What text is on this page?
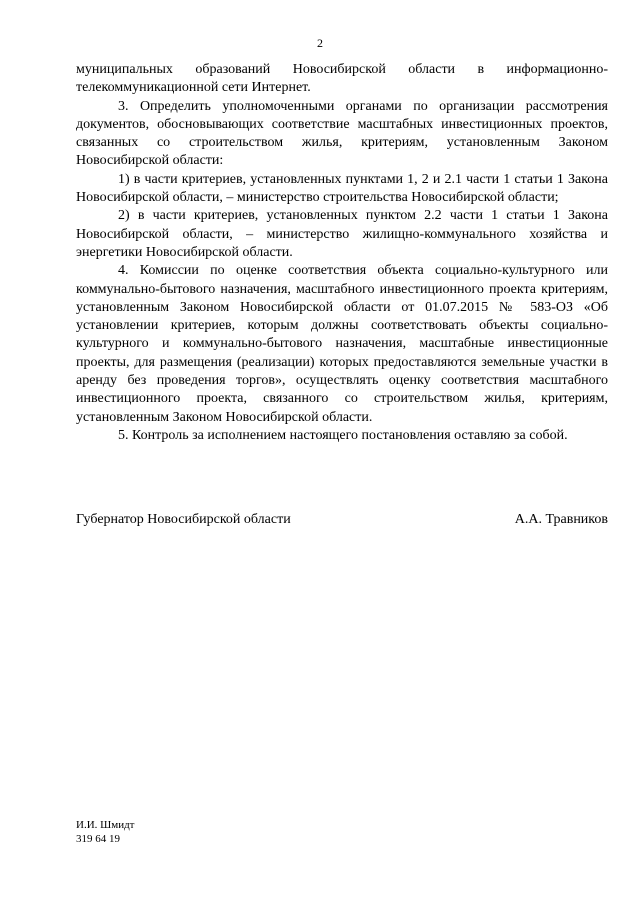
2

муниципальных образований Новосибирской области в информационно-телекоммуникационной сети Интернет.

3. Определить уполномоченными органами по организации рассмотрения документов, обосновывающих соответствие масштабных инвестиционных проектов, связанных со строительством жилья, критериям, установленным Законом Новосибирской области:

1) в части критериев, установленных пунктами 1, 2 и 2.1 части 1 статьи 1 Закона Новосибирской области, – министерство строительства Новосибирской области;

2) в части критериев, установленных пунктом 2.2 части 1 статьи 1 Закона Новосибирской области, – министерство жилищно-коммунального хозяйства и энергетики Новосибирской области.

4. Комиссии по оценке соответствия объекта социально-культурного или коммунально-бытового назначения, масштабного инвестиционного проекта критериям, установленным Законом Новосибирской области от 01.07.2015 № 583-ОЗ «Об установлении критериев, которым должны соответствовать объекты социально-культурного и коммунально-бытового назначения, масштабные инвестиционные проекты, для размещения (реализации) которых предоставляются земельные участки в аренду без проведения торгов», осуществлять оценку соответствия масштабного инвестиционного проекта, связанного со строительством жилья, критериям, установленным Законом Новосибирской области.

5. Контроль за исполнением настоящего постановления оставляю за собой.

Губернатор Новосибирской области	А.А. Травников
И.И. Шмидт
319 64 19
